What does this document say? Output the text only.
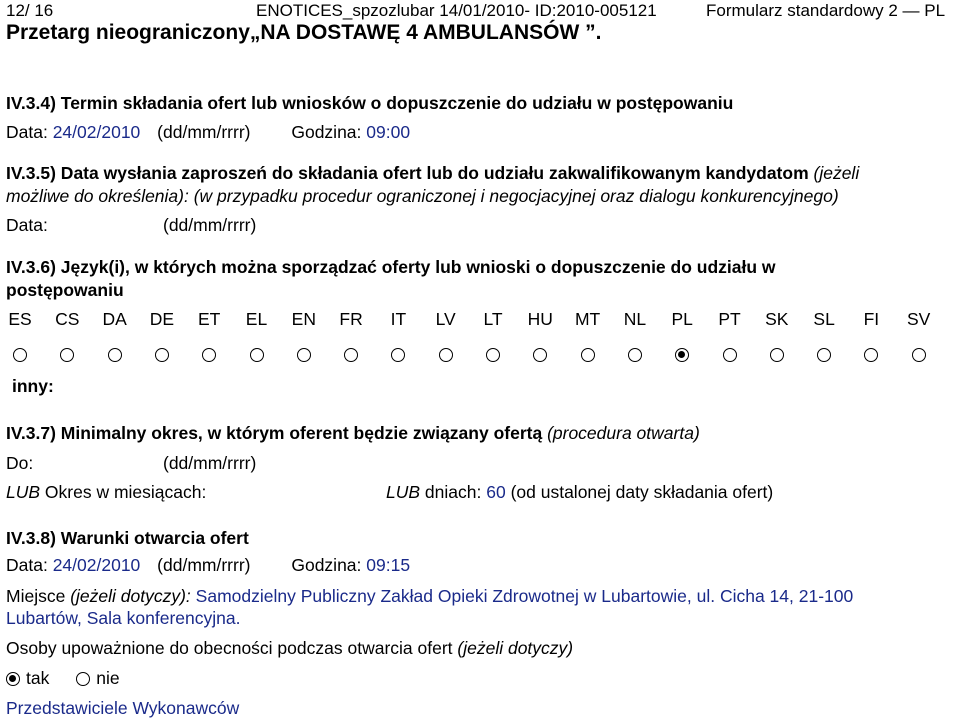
12/ 16	ENOTICES_spzozlubar 14/01/2010- ID:2010-005121	Formularz standardowy 2 — PL
Przetarg nieograniczony„NA DOSTAWĘ 4 AMBULANSÓW ”.
IV.3.4) Termin składania ofert lub wniosków o dopuszczenie do udziału w postępowaniu
Data: 24/02/2010 (dd/mm/rrrr) Godzina: 09:00
IV.3.5) Data wysłania zaproszeń do składania ofert lub do udziału zakwalifikowanym kandydatom (jeżeli
możliwe do określenia): (w przypadku procedur ograniczonej i negocjacyjnej oraz dialogu konkurencyjnego)
Data:	(dd/mm/rrrr)
IV.3.6) Język(i), w których można sporządzać oferty lub wnioski o dopuszczenie do udziału w
postępowaniu
ES	CS	DA	DE	ET	EL	EN	FR	IT	LV	LT	HU	MT	NL	PL	PT	SK	SL	FI	SV
inny:
IV.3.7) Minimalny okres, w którym oferent będzie związany ofertą (procedura otwarta)
Do:	(dd/mm/rrrr)
LUB Okres w miesiącach:	LUB dniach: 60 (od ustalonej daty składania ofert)
IV.3.8) Warunki otwarcia ofert
Data: 24/02/2010 (dd/mm/rrrr) Godzina: 09:15
Miejsce (jeżeli dotyczy): Samodzielny Publiczny Zakład Opieki Zdrowotnej w Lubartowie, ul. Cicha 14, 21-100
Lubartów, Sala konferencyjna.
Osoby upoważnione do obecności podczas otwarcia ofert (jeżeli dotyczy)
tak	nie
Przedstawiciele Wykonawców
